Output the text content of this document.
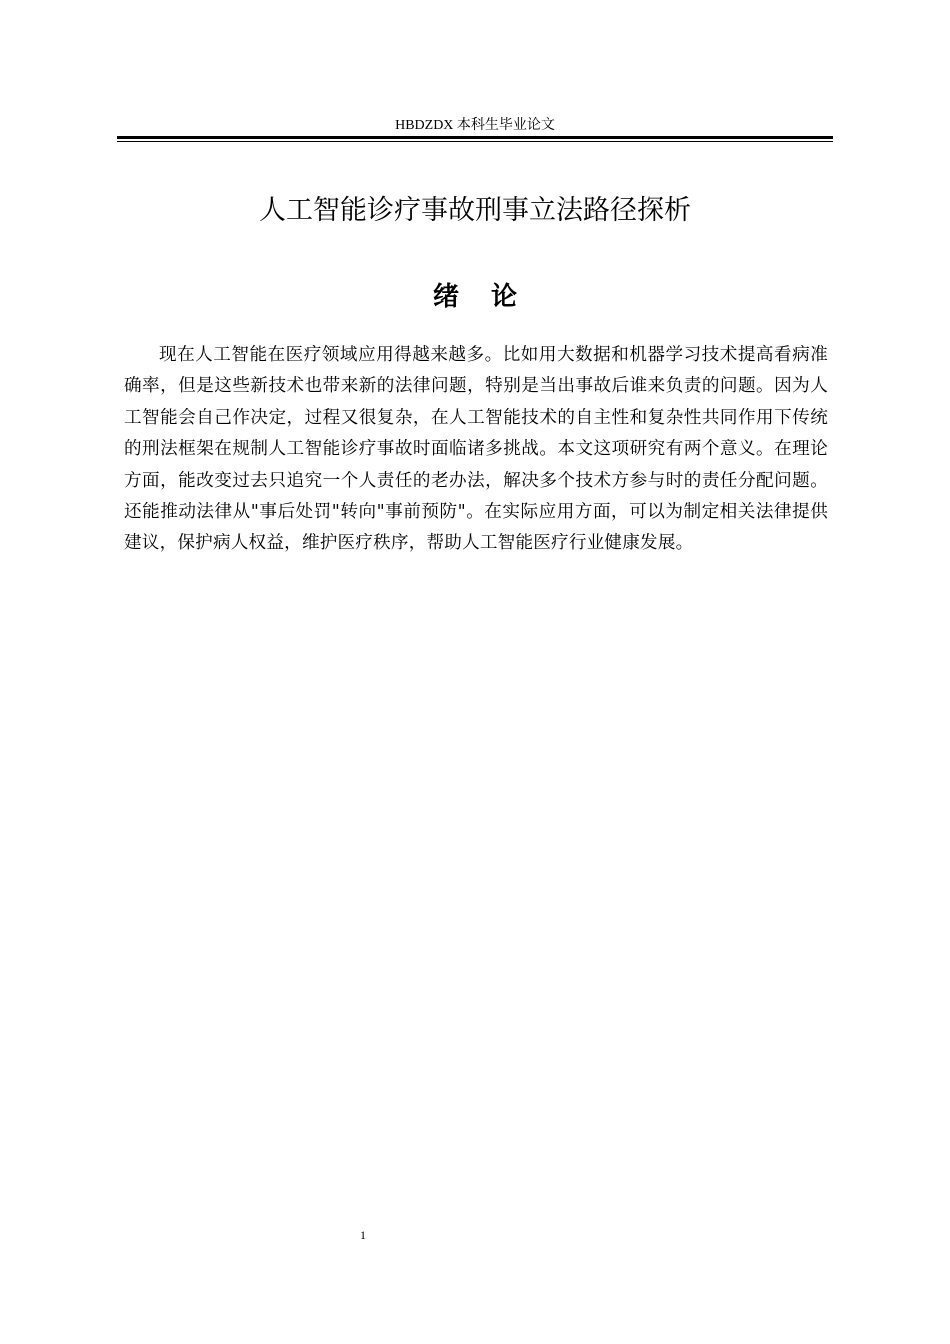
HBDZDX 本科生毕业论文
人工智能诊疗事故刑事立法路径探析
绪论

现在人工智能在医疗领域应用得越来越多。比如用大数据和机器学习技术提高看病准确率，但是这些新技术也带来新的法律问题，特别是当出事故后谁来负责的问题。因为人工智能会自己作决定，过程又很复杂，在人工智能技术的自主性和复杂性共同作用下传统的刑法框架在规制人工智能诊疗事故时面临诸多挑战。本文这项研究有两个意义。在理论方面，能改变过去只追究一个人责任的老办法，解决多个技术方参与时的责任分配问题。还能推动法律从"事后处罚"转向"事前预防"。在实际应用方面，可以为制定相关法律提供建议，保护病人权益，维护医疗秩序，帮助人工智能医疗行业健康发展。

1
